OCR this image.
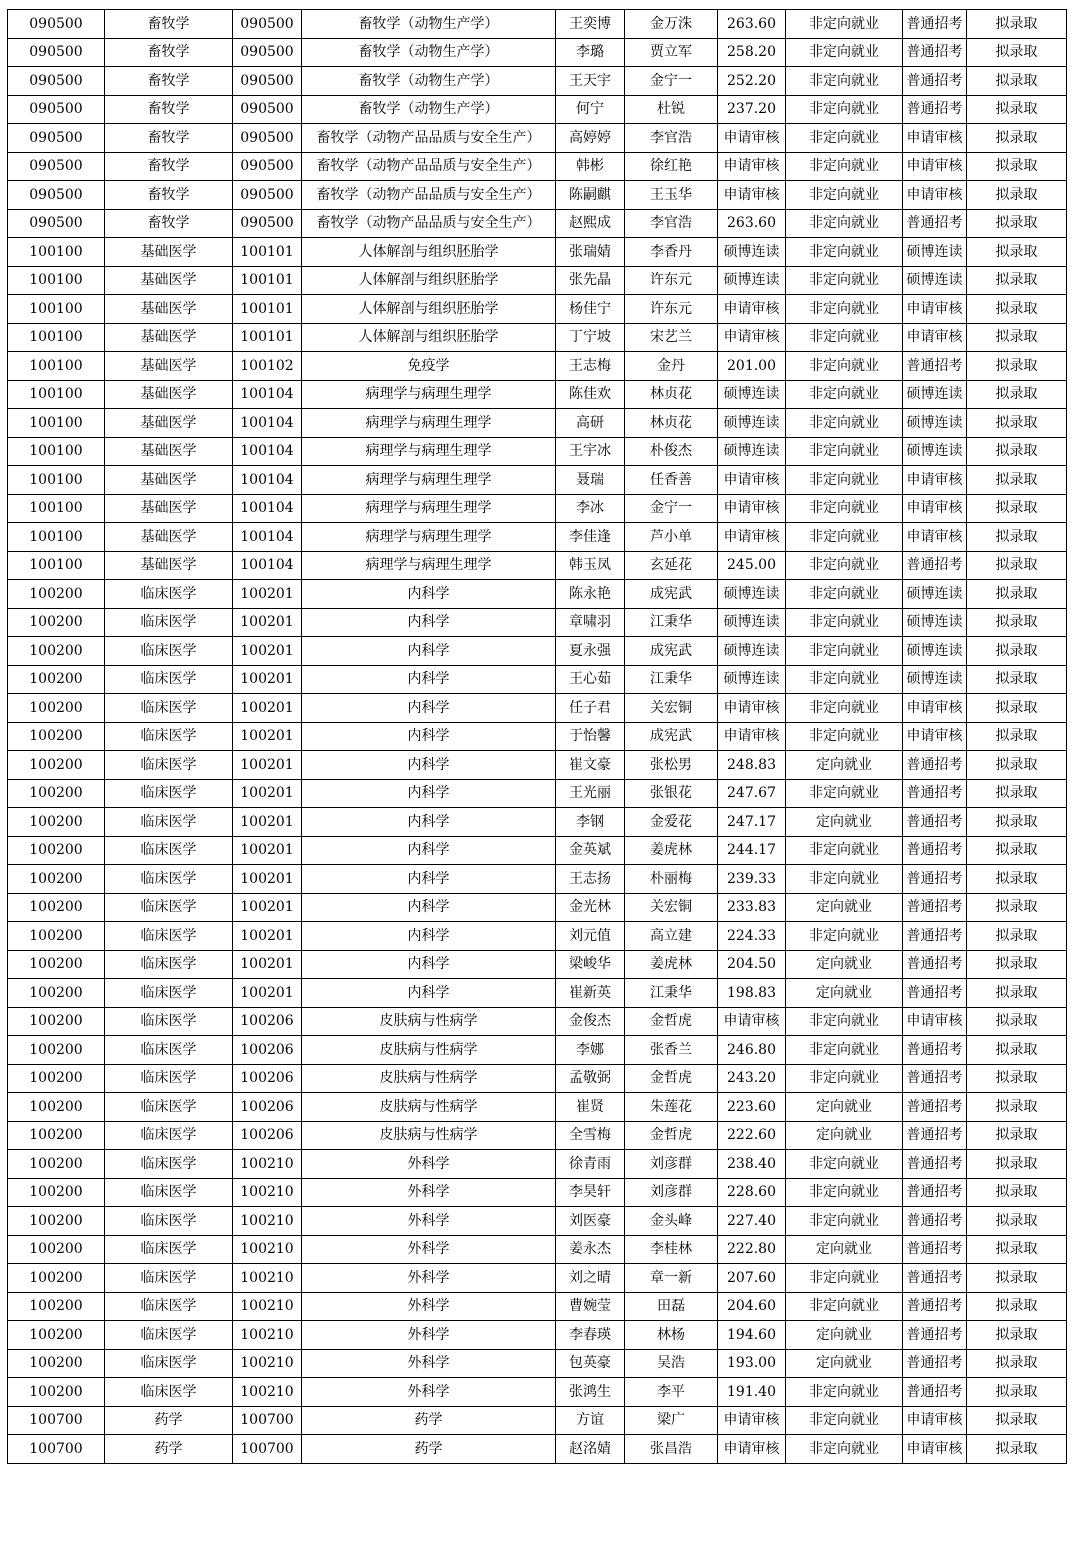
090500	畜牧学	090500	畜牧学（动物生产学）	王奕博	金万洙	263.60	非定向就业	普通招考	拟录取
090500	畜牧学	090500	畜牧学（动物生产学）	李璐	贾立军	258.20	非定向就业	普通招考	拟录取
090500	畜牧学	090500	畜牧学（动物生产学）	王天宇	金宁一	252.20	非定向就业	普通招考	拟录取
090500	畜牧学	090500	畜牧学（动物生产学）	何宁	杜锐	237.20	非定向就业	普通招考	拟录取
090500	畜牧学	090500	畜牧学（动物产品品质与安全生产）	高婷婷	李官浩	申请审核	非定向就业	申请审核	拟录取
090500	畜牧学	090500	畜牧学（动物产品品质与安全生产）	韩彬	徐红艳	申请审核	非定向就业	申请审核	拟录取
090500	畜牧学	090500	畜牧学（动物产品品质与安全生产）	陈嗣麒	王玉华	申请审核	非定向就业	申请审核	拟录取
090500	畜牧学	090500	畜牧学（动物产品品质与安全生产）	赵熙成	李官浩	263.60	非定向就业	普通招考	拟录取
100100	基础医学	100101	人体解剖与组织胚胎学	张瑞婧	李香丹	硕博连读	非定向就业	硕博连读	拟录取
100100	基础医学	100101	人体解剖与组织胚胎学	张先晶	许东元	硕博连读	非定向就业	硕博连读	拟录取
100100	基础医学	100101	人体解剖与组织胚胎学	杨佳宁	许东元	申请审核	非定向就业	申请审核	拟录取
100100	基础医学	100101	人体解剖与组织胚胎学	丁宁坡	宋艺兰	申请审核	非定向就业	申请审核	拟录取
100100	基础医学	100102	免疫学	王志梅	金丹	201.00	非定向就业	普通招考	拟录取
100100	基础医学	100104	病理学与病理生理学	陈佳欢	林贞花	硕博连读	非定向就业	硕博连读	拟录取
100100	基础医学	100104	病理学与病理生理学	高研	林贞花	硕博连读	非定向就业	硕博连读	拟录取
100100	基础医学	100104	病理学与病理生理学	王宇冰	朴俊杰	硕博连读	非定向就业	硕博连读	拟录取
100100	基础医学	100104	病理学与病理生理学	聂瑞	任香善	申请审核	非定向就业	申请审核	拟录取
100100	基础医学	100104	病理学与病理生理学	李冰	金宁一	申请审核	非定向就业	申请审核	拟录取
100100	基础医学	100104	病理学与病理生理学	李佳逢	芦小单	申请审核	非定向就业	申请审核	拟录取
100100	基础医学	100104	病理学与病理生理学	韩玉凤	玄延花	245.00	非定向就业	普通招考	拟录取
100200	临床医学	100201	内科学	陈永艳	成宪武	硕博连读	非定向就业	硕博连读	拟录取
100200	临床医学	100201	内科学	章啸羽	江秉华	硕博连读	非定向就业	硕博连读	拟录取
100200	临床医学	100201	内科学	夏永强	成宪武	硕博连读	非定向就业	硕博连读	拟录取
100200	临床医学	100201	内科学	王心茹	江秉华	硕博连读	非定向就业	硕博连读	拟录取
100200	临床医学	100201	内科学	任子君	关宏铜	申请审核	非定向就业	申请审核	拟录取
100200	临床医学	100201	内科学	于怡馨	成宪武	申请审核	非定向就业	申请审核	拟录取
100200	临床医学	100201	内科学	崔文豪	张松男	248.83	定向就业	普通招考	拟录取
100200	临床医学	100201	内科学	王光丽	张银花	247.67	非定向就业	普通招考	拟录取
100200	临床医学	100201	内科学	李钢	金爱花	247.17	定向就业	普通招考	拟录取
100200	临床医学	100201	内科学	金英斌	姜虎林	244.17	非定向就业	普通招考	拟录取
100200	临床医学	100201	内科学	王志扬	朴丽梅	239.33	非定向就业	普通招考	拟录取
100200	临床医学	100201	内科学	金光林	关宏铜	233.83	定向就业	普通招考	拟录取
100200	临床医学	100201	内科学	刘元值	高立建	224.33	非定向就业	普通招考	拟录取
100200	临床医学	100201	内科学	梁峻华	姜虎林	204.50	定向就业	普通招考	拟录取
100200	临床医学	100201	内科学	崔新英	江秉华	198.83	定向就业	普通招考	拟录取
100200	临床医学	100206	皮肤病与性病学	金俊杰	金哲虎	申请审核	非定向就业	申请审核	拟录取
100200	临床医学	100206	皮肤病与性病学	李娜	张香兰	246.80	非定向就业	普通招考	拟录取
100200	临床医学	100206	皮肤病与性病学	孟敬弼	金哲虎	243.20	非定向就业	普通招考	拟录取
100200	临床医学	100206	皮肤病与性病学	崔贤	朱莲花	223.60	定向就业	普通招考	拟录取
100200	临床医学	100206	皮肤病与性病学	全雪梅	金哲虎	222.60	定向就业	普通招考	拟录取
100200	临床医学	100210	外科学	徐青雨	刘彦群	238.40	非定向就业	普通招考	拟录取
100200	临床医学	100210	外科学	李昊轩	刘彦群	228.60	非定向就业	普通招考	拟录取
100200	临床医学	100210	外科学	刘医豪	金头峰	227.40	非定向就业	普通招考	拟录取
100200	临床医学	100210	外科学	姜永杰	李桂林	222.80	定向就业	普通招考	拟录取
100200	临床医学	100210	外科学	刘之晴	章一新	207.60	非定向就业	普通招考	拟录取
100200	临床医学	100210	外科学	曹婉莹	田磊	204.60	非定向就业	普通招考	拟录取
100200	临床医学	100210	外科学	李春瑛	林杨	194.60	定向就业	普通招考	拟录取
100200	临床医学	100210	外科学	包英豪	吴浩	193.00	定向就业	普通招考	拟录取
100200	临床医学	100210	外科学	张鸿生	李平	191.40	非定向就业	普通招考	拟录取
100700	药学	100700	药学	方谊	梁广	申请审核	非定向就业	申请审核	拟录取
100700	药学	100700	药学	赵洺婧	张昌浩	申请审核	非定向就业	申请审核	拟录取
